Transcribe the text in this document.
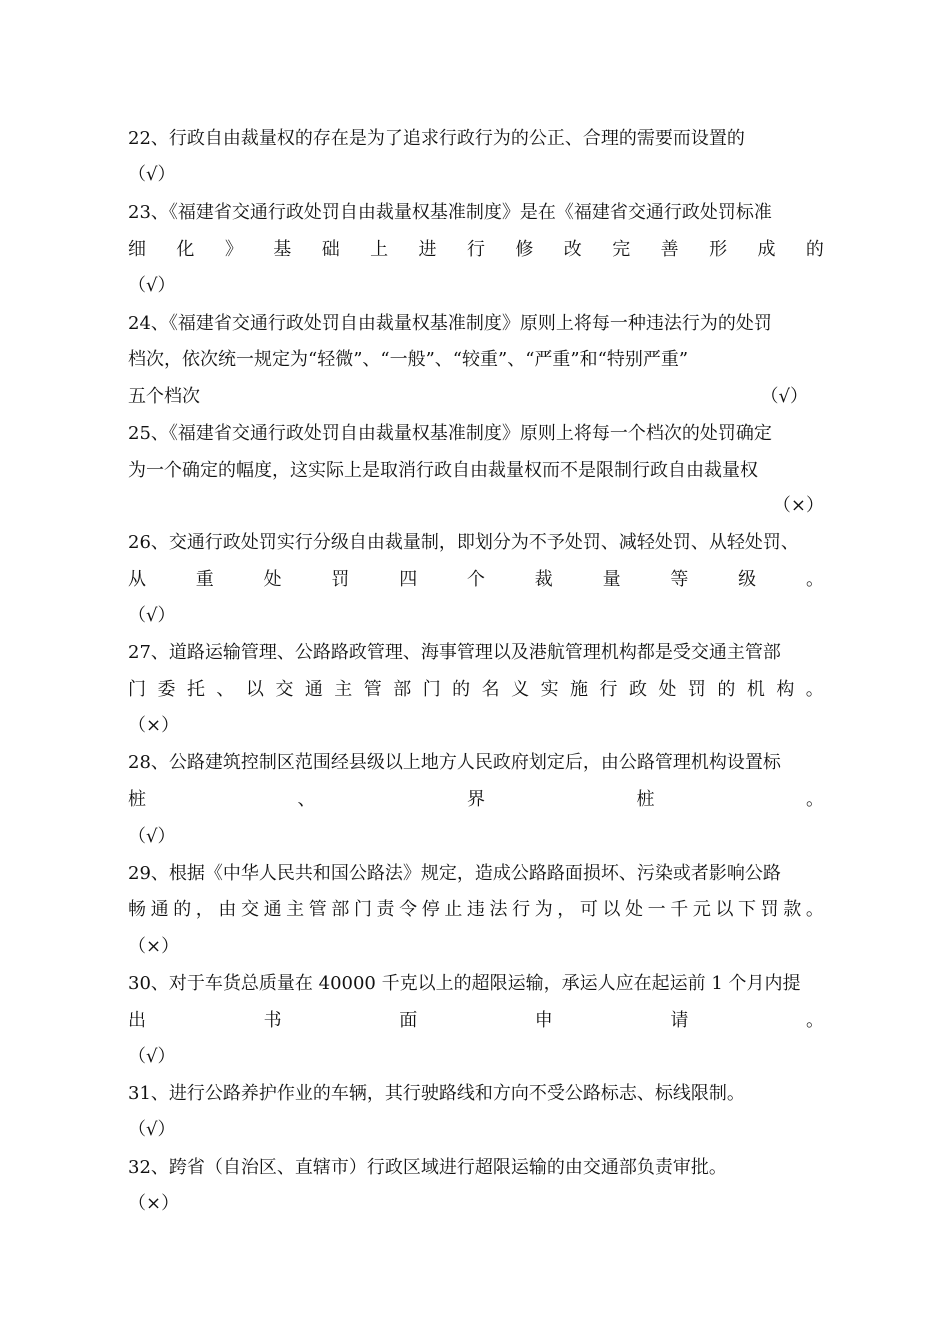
22、行政自由裁量权的存在是为了追求行政行为的公正、合理的需要而设置的
（√）
23、《福建省交通行政处罚自由裁量权基准制度》是在《福建省交通行政处罚标准
细 化 》 基 础 上 进 行 修 改 完 善 形 成 的
（√）
24、《福建省交通行政处罚自由裁量权基准制度》原则上将每一种违法行为的处罚
档次，依次统一规定为“轻微”、“一般”、“较重”、“严重”和“特别严重”
五个档次	（√）
25、《福建省交通行政处罚自由裁量权基准制度》原则上将每一个档次的处罚确定
为一个确定的幅度，这实际上是取消行政自由裁量权而不是限制行政自由裁量权
（×）
26、交通行政处罚实行分级自由裁量制，即划分为不予处罚、减轻处罚、从轻处罚、
从	重	处	罚	四	个	裁	量	等	级	。
（√）
27、道路运输管理、公路路政管理、海事管理以及港航管理机构都是受交通主管部
门 委 托 、 以 交 通 主 管 部 门 的 名 义 实 施 行 政 处 罚 的 机 构 。
（×）
28、公路建筑控制区范围经县级以上地方人民政府划定后，由公路管理机构设置标
桩	、	界	桩	。
（√）
29、根据《中华人民共和国公路法》规定，造成公路路面损坏、污染或者影响公路
畅 通 的 ， 由 交 通 主 管 部 门 责 令 停 止 违 法 行 为 ， 可 以 处 一 千 元 以 下 罚 款 。
（×）
30、对于车货总质量在 40000 千克以上的超限运输，承运人应在起运前 1 个月内提
出	书	面	申	请	。
（√）
31、进行公路养护作业的车辆，其行驶路线和方向不受公路标志、标线限制。
（√）
32、跨省（自治区、直辖市）行政区域进行超限运输的由交通部负责审批。
（×）
